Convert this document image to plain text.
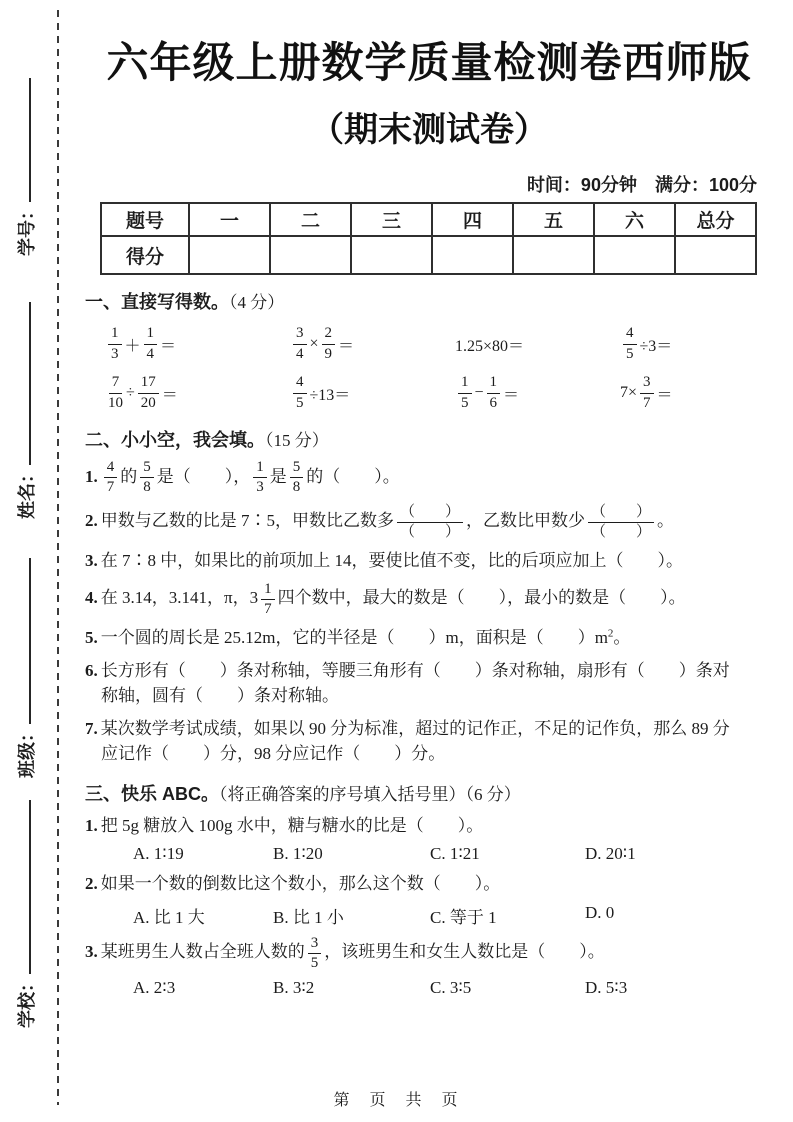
学号：
姓名：
班级：
学校：
六年级上册数学质量检测卷西师版
（期末测试卷）
时间：90分钟　满分：100分
题号	一	二	三	四	五	六	总分
得分							
一、直接写得数。（4 分）
$\frac{1}{3} + \frac{1}{4}$ ＝	$\frac{3}{4} \times \frac{2}{9}$ ＝	1.25×80＝	$\frac{4}{5} \div 3=$
$\frac{7}{10} \div \frac{17}{20}$ ＝	$\frac{4}{5} \div 13=$	$\frac{1}{5} - \frac{1}{6}$ ＝	$7\times \frac{3}{7}$ ＝
二、小小空，我会填。（15 分）
1. $\frac{4}{7}$ 的 $\frac{5}{8}$ 是（　　）， $\frac{1}{3}$ 是 $\frac{5}{8}$ 的（　　）。
2. 甲数与乙数的比是 7∶5，甲数比乙数多 $\frac{( )}{( )}$ ，乙数比甲数少 $\frac{( )}{( )}$ 。
3. 在 7∶8 中，如果比的前项加上 14，要使比值不变，比的后项应加上（　　）。
4. 在 3.14，3.141，π，$3 \frac{1}{7}$ 四个数中，最大的数是（　　），最小的数是（　　）。
5. 一个圆的周长是 25.12m，它的半径是（　　）m，面积是（　　）$m^2$。
6. 长方形有（　　）条对称轴，等腰三角形有（　　）条对称轴，扇形有（　　）条对称轴，圆有（　　）条对称轴。
7. 某次数学考试成绩，如果以 90 分为标准，超过的记作正，不足的记作负，那么 89 分应记作（　　）分，98 分应记作（　　）分。
三、快乐 ABC。（将正确答案的序号填入括号里）（6 分）
1. 把 5g 糖放入 100g 水中，糖与糖水的比是（　　）。
A. 1∶19	B. 1∶20	C. 1∶21	D. 20∶1
2. 如果一个数的倒数比这个数小，那么这个数（　　）。
A. 比 1 大	B. 比 1 小	C. 等于 1	D. 0
3. 某班男生人数占全班人数的 $\frac{3}{5}$ ，该班男生和女生人数比是（　　）。
A. 2∶3	B. 3∶2	C. 3∶5	D. 5∶3
第　页　共　页
